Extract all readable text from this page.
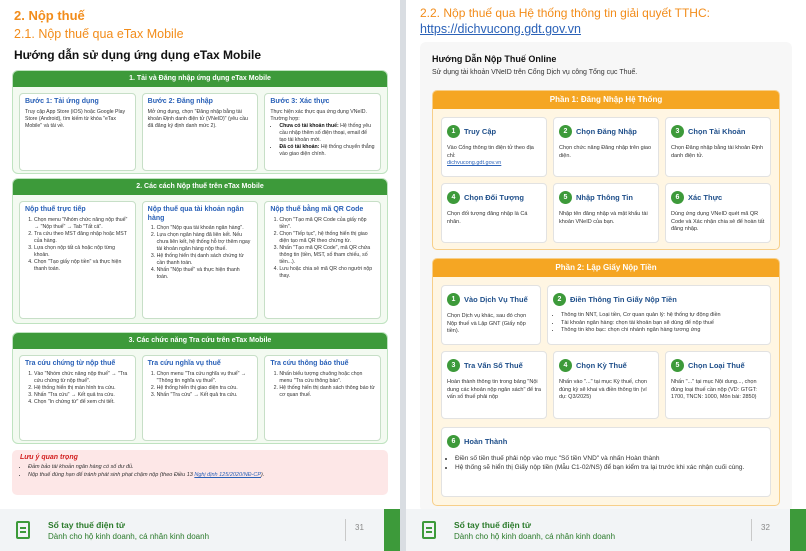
2. Nộp thuế
2.1. Nộp thuế qua eTax Mobile
Hướng dẫn sử dụng ứng dụng eTax Mobile
1. Tải và Đăng nhập ứng dụng eTax Mobile
Bước 1: Tải ứng dụng
Truy cập App Store (iOS) hoặc Google Play Store (Android), tìm kiếm từ khóa "eTax Mobile" và tải về.
Bước 2: Đăng nhập
Mở ứng dụng, chọn "Đăng nhập bằng tài khoản Định danh điện tử (VNeID)" (yêu cầu đã đăng ký định danh mức 2).
Bước 3: Xác thực
Thực hiện xác thực qua ứng dụng VNeID. Trường hợp:
• Chưa có tài khoản thuế: Hệ thống yêu cầu nhập thêm số điện thoại, email để tạo tài khoản mới.
• Đã có tài khoản: Hệ thống chuyển thẳng vào giao diện chính.
2. Các cách Nộp thuế trên eTax Mobile
Nộp thuế trực tiếp
1. Chọn menu "Nhóm chức năng nộp thuế" → "Nộp thuế" → Tab "Tất cả".
2. Tra cứu theo MST đăng nhập hoặc MST của hàng.
3. Lựa chọn nộp tất cả hoặc nộp từng khoản.
4. Chọn "Tạo giấy nộp tiền" và thực hiện thanh toán.
Nộp thuế qua tài khoản ngân hàng
1. Chọn "Nộp qua tài khoản ngân hàng".
2. Lựa chọn ngân hàng đã liên kết. Nếu chưa liên kết, hệ thống hỗ trợ thêm ngay tài khoản ngân hàng nộp thuế.
3. Hệ thống hiển thị danh sách chứng từ cần thanh toán.
4. Nhấn "Nộp thuế" và thực hiện thanh toán.
Nộp thuế bằng mã QR Code
1. Chọn "Tạo mã QR Code của giấy nộp tiền".
2. Chọn "Tiếp tục", hệ thống hiển thị giao diện tạo mã QR theo chứng từ.
3. Nhấn "Tạo mã QR Code", mã QR chứa thông tin (tiền, MST, số tham chiếu, số tiền...).
4. Lưu hoặc chia sẻ mã QR cho người nộp thay.
3. Các chức năng Tra cứu trên eTax Mobile
Tra cứu chứng từ nộp thuế
1. Vào "Nhóm chức năng nộp thuế" → "Tra cứu chứng từ nộp thuế".
2. Hệ thống hiển thị màn hình tra cứu.
3. Nhấn "Tra cứu" → Kết quả tra cứu.
4. Chọn "In chứng từ" để xem chi tiết.
Tra cứu nghĩa vụ thuế
1. Chọn menu "Tra cứu nghĩa vụ thuế" → "Thông tin nghĩa vụ thuế".
2. Hệ thống hiển thị giao diện tra cứu.
3. Nhấn "Tra cứu" → Kết quả tra cứu.
Tra cứu thông báo thuế
1. Nhấn biểu tượng chuông hoặc chọn menu "Tra cứu thông báo".
2. Hệ thống hiển thị danh sách thông báo từ cơ quan thuế.
Lưu ý quan trọng
• Đảm bảo tài khoản ngân hàng có số dư đủ.
• Nộp thuế đúng hạn để tránh phát sinh phạt chậm nộp (theo Điều 13 Nghị định 125/2020/NĐ-CP).
Sổ tay thuế điện tử
Dành cho hộ kinh doanh, cá nhân kinh doanh
31
2.2. Nộp thuế qua Hệ thống thông tin giải quyết TTHC:
https://dichvucong.gdt.gov.vn
Hướng Dẫn Nộp Thuế Online
Sử dụng tài khoản VNeID trên Cổng Dịch vụ công Tổng cục Thuế.
Phần 1: Đăng Nhập Hệ Thống
1 Truy Cập
Vào Cổng thông tin điện tử theo địa chỉ:
dichvucong.gdt.gov.vn
2 Chọn Đăng Nhập
Chọn chức năng Đăng nhập trên giao diện.
3 Chọn Tài Khoản
Chọn Đăng nhập bằng tài khoản Định danh điện tử.
4 Chọn Đối Tượng
Chọn đối tượng đăng nhập là Cá nhân.
5 Nhập Thông Tin
Nhập tên đăng nhập và mật khẩu tài khoản VNeID của bạn.
6 Xác Thực
Dùng ứng dụng VNeID quét mã QR Code và Xác nhận chia sẻ để hoàn tất đăng nhập.
Phần 2: Lập Giấy Nộp Tiền
1 Vào Dịch Vụ Thuế
Chọn Dịch vụ khác, sau đó chọn Nộp thuế và Lập GNT (Giấy nộp tiền).
2 Điền Thông Tin Giấy Nộp Tiền
• Thông tin NNT, Loại tiền, Cơ quan quản lý: hệ thống tự động điền
• Tài khoản ngân hàng: chọn tài khoản bạn sẽ dùng để nộp thuế
• Thông tin kho bạc: chọn chi nhánh ngân hàng tương ứng
3 Tra Vấn Số Thuế
Hoàn thành thông tin trong bảng "Nội dung các khoản nộp ngân sách" để tra vấn số thuế phải nộp
4 Chọn Kỳ Thuế
Nhấn vào "..." tại mục Kỳ thuế, chọn đúng kỳ sẽ khai và điền thông tin (ví dụ: Q3/2025)
5 Chọn Loại Thuế
Nhấn "..." tại mục Nội dung..., chọn đúng loại thuế cần nộp (VD: GTGT: 1700, TNCN: 1000, Môn bài: 2850)
6 Hoàn Thành
• Điền số tiền thuế phải nộp vào mục "Số tiền VND" và nhấn Hoàn thành
• Hệ thống sẽ hiển thị Giấy nộp tiền (Mẫu C1-02/NS) để bạn kiểm tra lại trước khi xác nhận cuối cùng.
Sổ tay thuế điện tử
Dành cho hộ kinh doanh, cá nhân kinh doanh
32
